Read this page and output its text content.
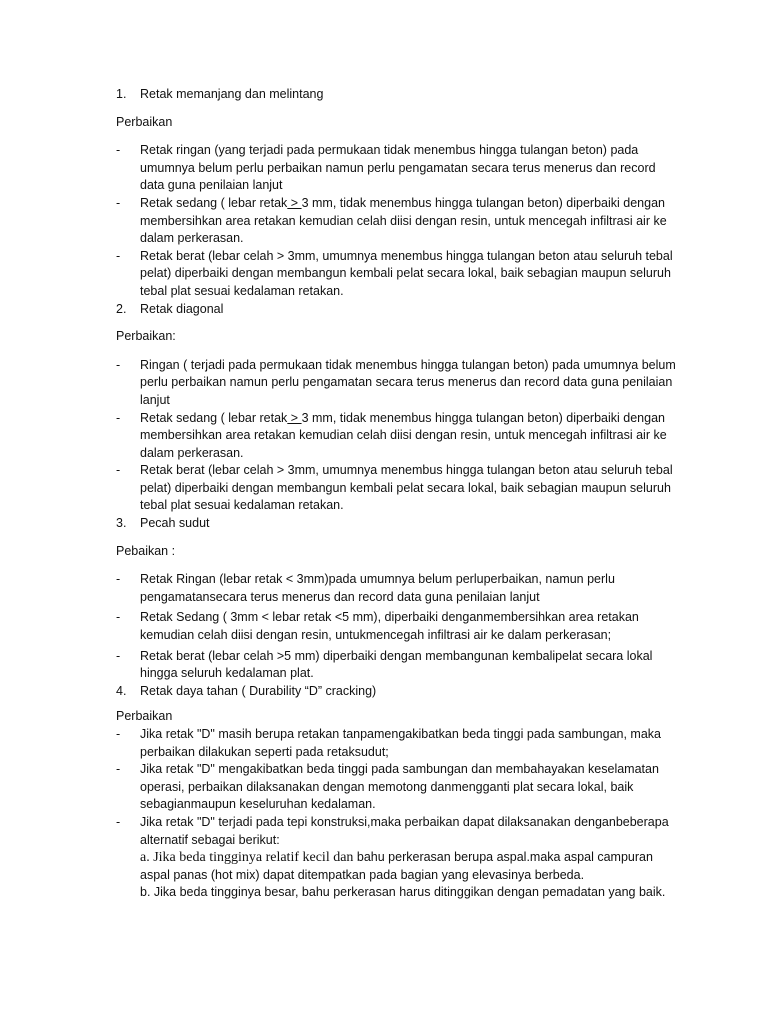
1.	Retak memanjang dan melintang

Perbaikan

-	Retak ringan (yang terjadi pada permukaan tidak menembus hingga tulangan beton) pada umumnya belum perlu perbaikan namun perlu pengamatan secara terus menerus dan record data guna penilaian lanjut
-	Retak sedang ( lebar retak > 3 mm, tidak menembus hingga tulangan beton) diperbaiki dengan membersihkan area retakan kemudian celah diisi dengan resin, untuk mencegah infiltrasi air ke dalam perkerasan.
-	Retak berat (lebar celah > 3mm, umumnya menembus hingga tulangan beton atau seluruh tebal pelat) diperbaiki dengan membangun kembali pelat secara lokal, baik sebagian maupun seluruh tebal plat sesuai kedalaman retakan.
2.	Retak diagonal

Perbaikan:

-	Ringan ( terjadi pada permukaan tidak menembus hingga tulangan beton) pada umumnya belum perlu perbaikan namun perlu pengamatan secara terus menerus dan record data guna penilaian lanjut
-	Retak sedang ( lebar retak > 3 mm, tidak menembus hingga tulangan beton) diperbaiki dengan membersihkan area retakan kemudian celah diisi dengan resin, untuk mencegah infiltrasi air ke dalam perkerasan.
-	Retak berat (lebar celah > 3mm, umumnya menembus hingga tulangan beton atau seluruh tebal pelat) diperbaiki dengan membangun kembali pelat secara lokal, baik sebagian maupun seluruh tebal plat sesuai kedalaman retakan.
3.	Pecah sudut

Pebaikan :

-	Retak Ringan (lebar retak < 3mm)pada umumnya belum perluperbaikan, namun perlu pengamatansecara terus menerus dan record data guna penilaian lanjut
-	Retak Sedang ( 3mm < lebar retak <5 mm), diperbaiki denganmembersihkan area retakan kemudian celah diisi dengan resin, untukmencegah infiltrasi air ke dalam perkerasan;
-	Retak berat (lebar celah >5 mm) diperbaiki dengan membangunan kembalipelat secara lokal hingga seluruh kedalaman plat.
4.	Retak daya tahan ( Durability “D” cracking)

Perbaikan

-	Jika retak "D" masih berupa retakan tanpamengakibatkan beda tinggi pada sambungan, maka perbaikan dilakukan seperti pada retaksudut;
-	Jika retak "D" mengakibatkan beda tinggi pada sambungan dan membahayakan keselamatan operasi, perbaikan dilaksanakan dengan memotong danmengganti plat secara lokal, baik sebagianmaupun keseluruhan kedalaman.
-	Jika retak "D" terjadi pada tepi konstruksi,maka perbaikan dapat dilaksanakan denganbeberapa alternatif sebagai berikut:
a. Jika beda tingginya relatif kecil dan bahu perkerasan berupa aspal.maka aspal campuran aspal panas (hot mix) dapat ditempatkan pada bagian yang elevasinya berbeda.
b. Jika beda tingginya besar, bahu perkerasan harus ditinggikan dengan pemadatan yang baik.
